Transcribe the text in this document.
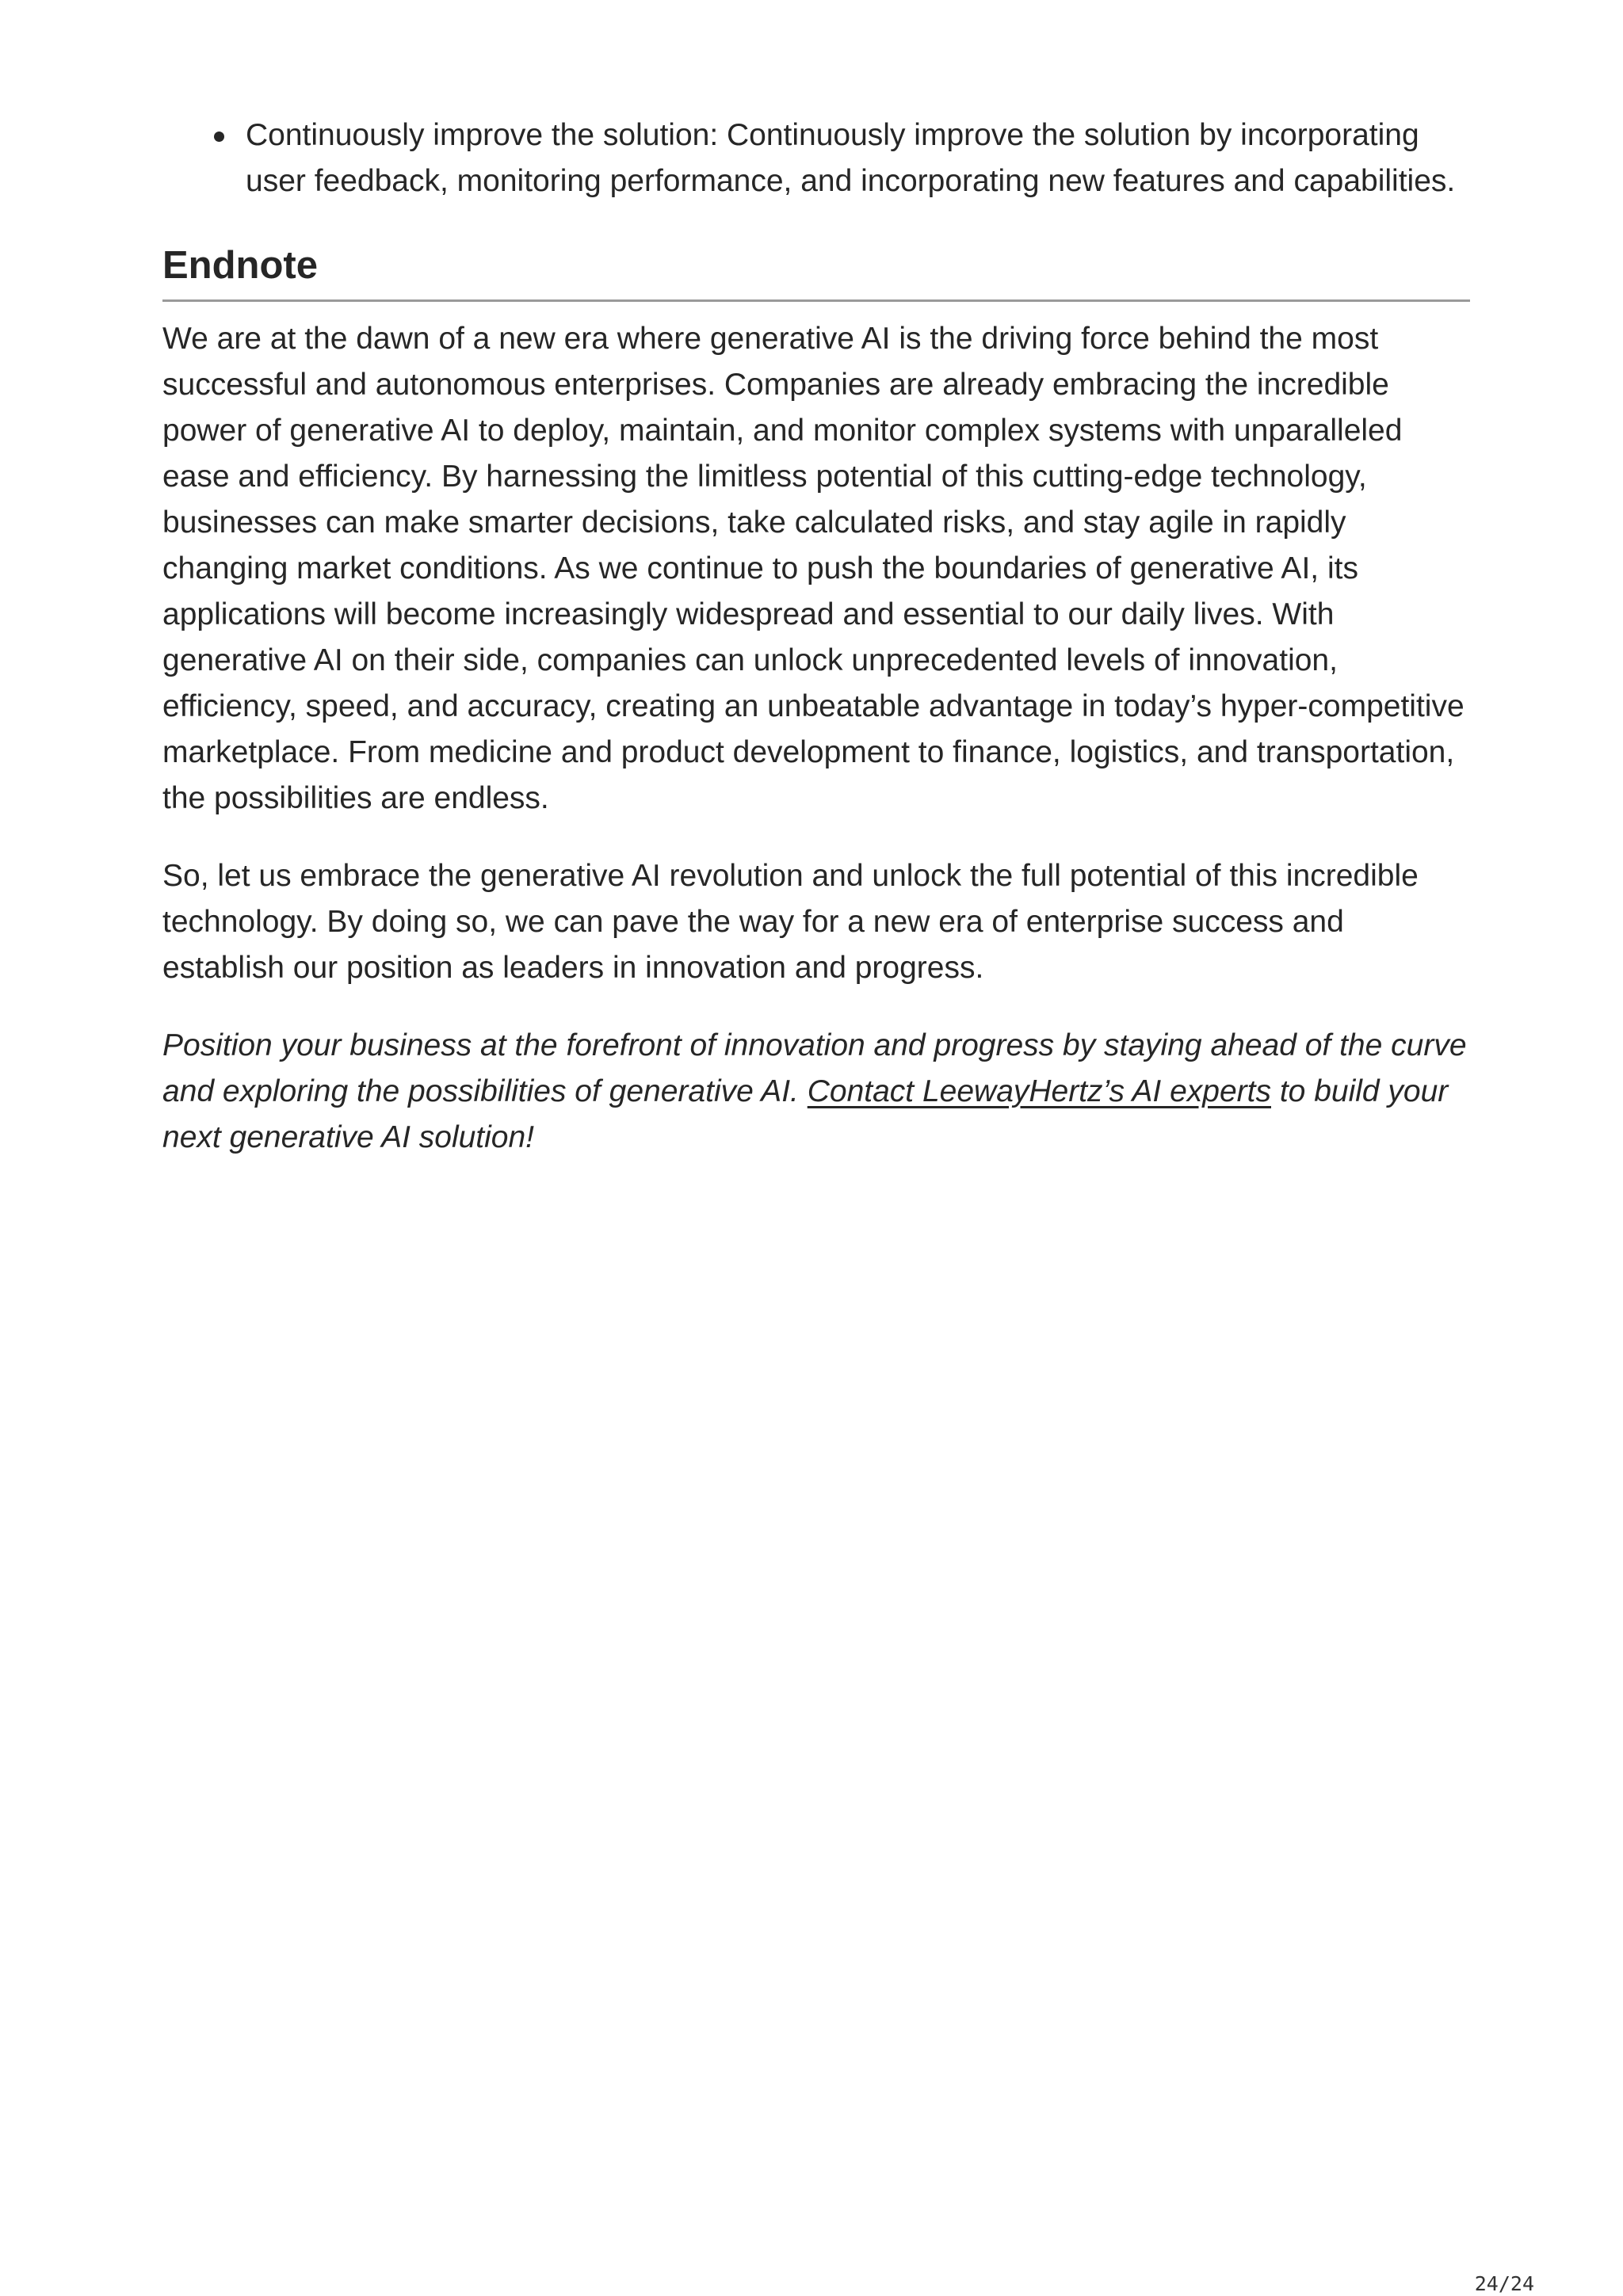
Continuously improve the solution: Continuously improve the solution by incorporating user feedback, monitoring performance, and incorporating new features and capabilities.
Endnote

We are at the dawn of a new era where generative AI is the driving force behind the most successful and autonomous enterprises. Companies are already embracing the incredible power of generative AI to deploy, maintain, and monitor complex systems with unparalleled ease and efficiency. By harnessing the limitless potential of this cutting-edge technology, businesses can make smarter decisions, take calculated risks, and stay agile in rapidly changing market conditions. As we continue to push the boundaries of generative AI, its applications will become increasingly widespread and essential to our daily lives. With generative AI on their side, companies can unlock unprecedented levels of innovation, efficiency, speed, and accuracy, creating an unbeatable advantage in today’s hyper-competitive marketplace. From medicine and product development to finance, logistics, and transportation, the possibilities are endless.

So, let us embrace the generative AI revolution and unlock the full potential of this incredible technology. By doing so, we can pave the way for a new era of enterprise success and establish our position as leaders in innovation and progress.

Position your business at the forefront of innovation and progress by staying ahead of the curve and exploring the possibilities of generative AI. Contact LeewayHertz’s AI experts to build your next generative AI solution!

24/24
